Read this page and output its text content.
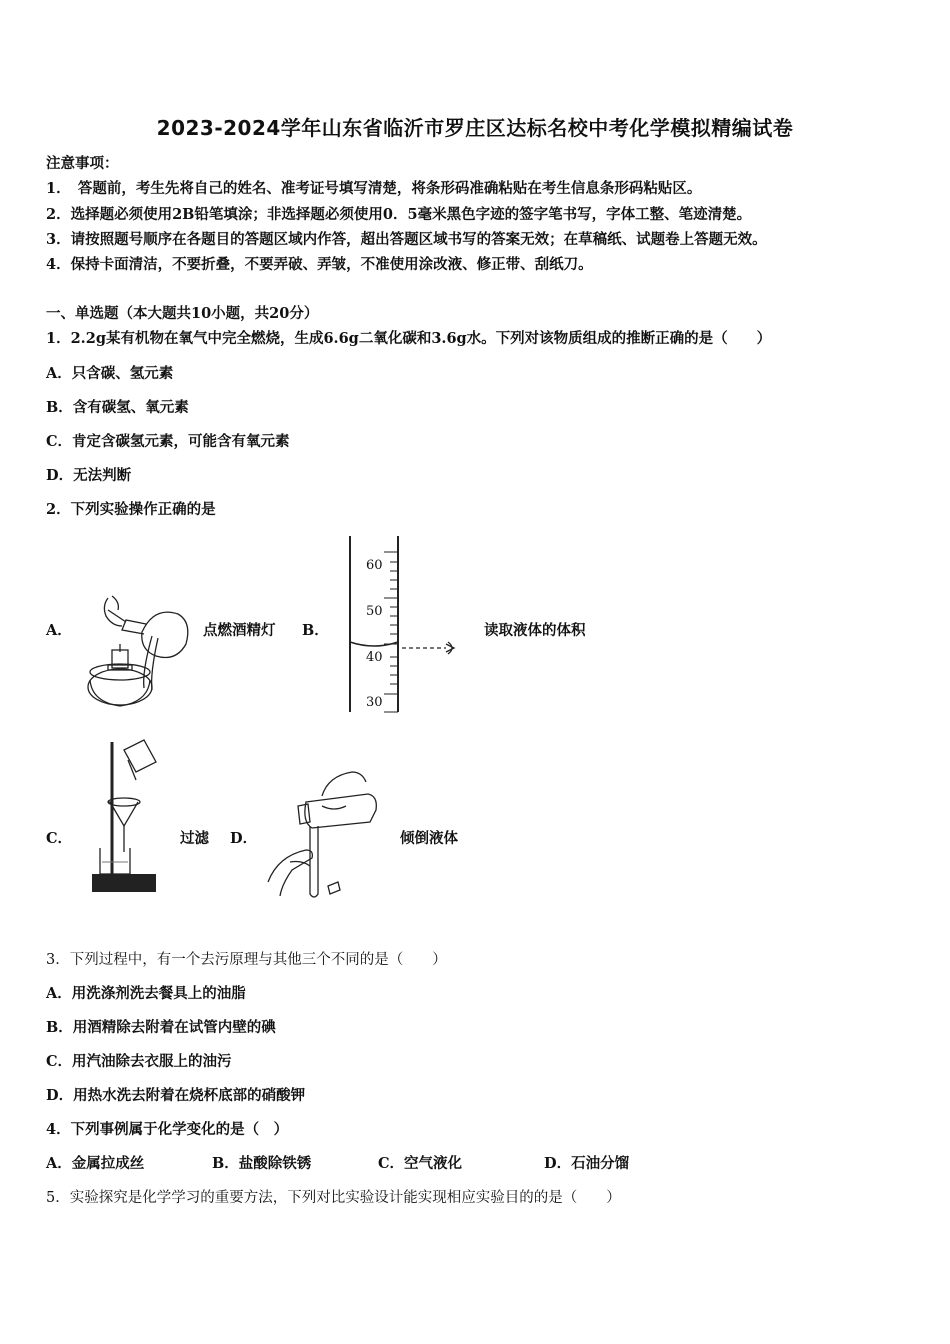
2023-2024学年山东省临沂市罗庄区达标名校中考化学模拟精编试卷
注意事项：
1．　答题前，考生先将自己的姓名、准考证号填写清楚，将条形码准确粘贴在考生信息条形码粘贴区。
2．选择题必须使用2B铅笔填涂；非选择题必须使用0．5毫米黑色字迹的签字笔书写，字体工整、笔迹清楚。
3．请按照题号顺序在各题目的答题区域内作答，超出答题区域书写的答案无效；在草稿纸、试题卷上答题无效。
4．保持卡面清洁，不要折叠，不要弄破、弄皱，不准使用涂改液、修正带、刮纸刀。
一、单选题（本大题共10小题，共20分）
1．2.2g某有机物在氧气中完全燃烧，生成6.6g二氧化碳和3.6g水。下列对该物质组成的推断正确的是（　　）
A．只含碳、氢元素
B．含有碳氢、氧元素
C．肯定含碳氢元素，可能含有氧元素
D．无法判断
2．下列实验操作正确的是
A．	点燃酒精灯 B．
60
50
40
30
读取液体的体积
C．	过滤 D．	倾倒液体
3．下列过程中，有一个去污原理与其他三个不同的是（　　）
A．用洗涤剂洗去餐具上的油脂
B．用酒精除去附着在试管内壁的碘
C．用汽油除去衣服上的油污
D．用热水洗去附着在烧杯底部的硝酸钾
4．下列事例属于化学变化的是（　）
A．金属拉成丝	B．盐酸除铁锈	C．空气液化	D．石油分馏
5．实验探究是化学学习的重要方法，下列对比实验设计能实现相应实验目的的是（　　）
